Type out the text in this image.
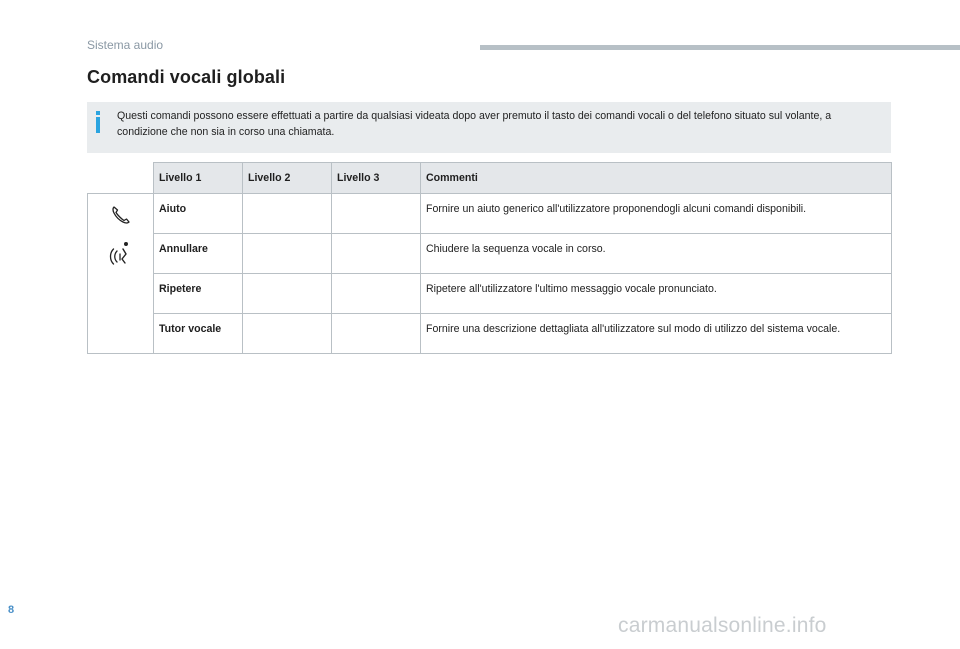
Sistema audio
Comandi vocali globali
Questi comandi possono essere effettuati a partire da qualsiasi videata dopo aver premuto il tasto dei comandi vocali o del telefono situato sul volante, a condizione che non sia in corso una chiamata.
	Livello 1	Livello 2	Livello 3	Commenti

	Aiuto			Fornire un aiuto generico all'utilizzatore proponendogli alcuni comandi disponibili.
	Annullare			Chiudere la sequenza vocale in corso.
	Ripetere			Ripetere all'utilizzatore l'ultimo messaggio vocale pronunciato.
	Tutor vocale			Fornire una descrizione dettagliata all'utilizzatore sul modo di utilizzo del sistema vocale.
8
carmanualsonline.info
